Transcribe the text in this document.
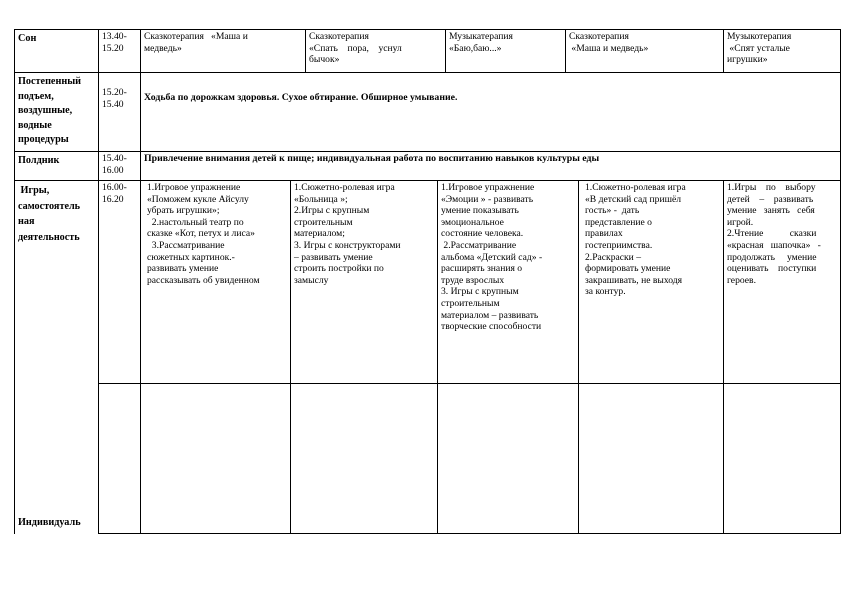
Сон	13.40-
15.20
Сказкотерапия   «Маша и
медведь»
Сказкотерапия
«Спать    пора,    уснул
бычок»
Музыкатерапия
«Баю,баю...»
Сказкотерапия
«Маша и медведь»
Музыкотерапия
«Спят усталые
игрушки»
Постепенный
подъем,
воздушные,
водные
процедуры
15.20-
15.40
Ходьба по дорожкам здоровья. Сухое обтирание. Обширное умывание.
Полдник	15.40-
16.00
Привлечение внимания детей к пище; индивидуальная работа по воспитанию навыков культуры еды
Игры,
самостоятель
ная
деятельность
16.00-
16.20
1.Игровое упражнение
«Поможем кукле Айсулу
убрать игрушки»;
2.настольный театр по
сказке «Кот, петух и лиса»
3.Рассматривание
сюжетных картинок.-
развивать умение
рассказывать об увиденном
1.Сюжетно-ролевая игра
«Больница »;
2.Игры с крупным
строительным
материалом;
3. Игры с конструкторами
– развивать умение
строить постройки по
замыслу
1.Игровое упражнение
«Эмоции » - развивать
умение показывать
эмоциональное
состояние человека.
2.Рассматривание
альбома «Детский сад» -
расширять знания о
труде взрослых
3. Игры с крупным
строительным
материалом – развивать
творческие способности
1.Сюжетно-ролевая игра
«В детский сад пришёл
гость» -  дать
представление о
правилах
гостеприимства.
2.Раскраски –
формировать умение
закрашивать, не выходя
за контур.
1.Игры    по    выбору
детей    –    развивать
умение   занять   себя
игрой.
2.Чтение           сказки
«красная   шапочка»   -
продолжать     умение
оценивать    поступки
героев.
Индивидуаль
